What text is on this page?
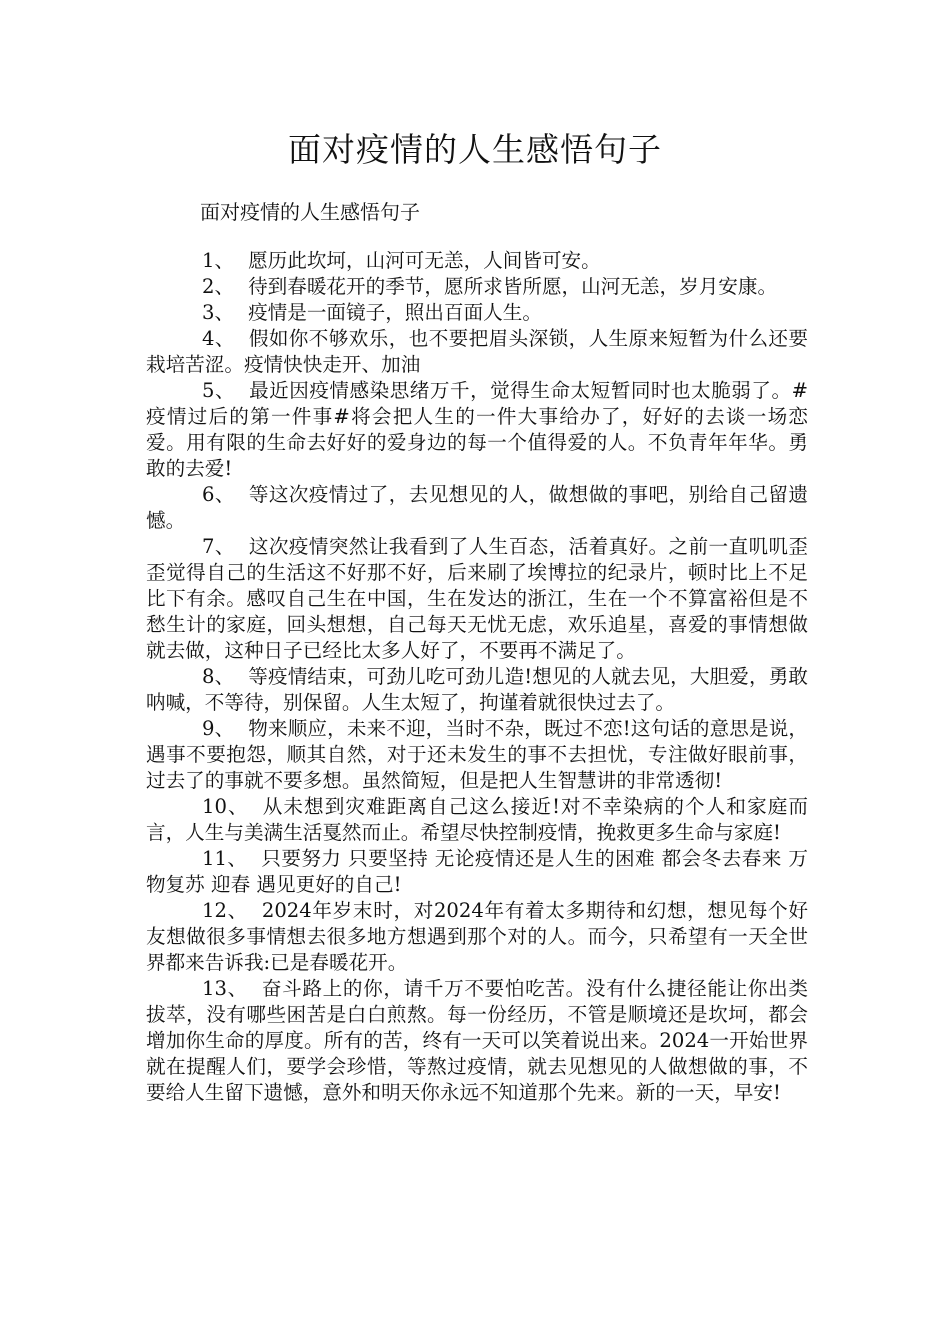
面对疫情的人生感悟句子

面对疫情的人生感悟句子

1、 愿历此坎坷，山河可无恙，人间皆可安。

2、 待到春暖花开的季节，愿所求皆所愿，山河无恙，岁月安康。

3、 疫情是一面镜子，照出百面人生。

4、 假如你不够欢乐，也不要把眉头深锁，人生原来短暂为什么还要栽培苦涩。疫情快快走开、加油

5、 最近因疫情感染思绪万千，觉得生命太短暂同时也太脆弱了。#疫情过后的第一件事#将会把人生的一件大事给办了，好好的去谈一场恋爱。用有限的生命去好好的爱身边的每一个值得爱的人。不负青年年华。勇敢的去爱!

6、 等这次疫情过了，去见想见的人，做想做的事吧，别给自己留遗憾。

7、 这次疫情突然让我看到了人生百态，活着真好。之前一直叽叽歪歪觉得自己的生活这不好那不好，后来刷了埃博拉的纪录片，顿时比上不足比下有余。感叹自己生在中国，生在发达的浙江，生在一个不算富裕但是不愁生计的家庭，回头想想，自己每天无忧无虑，欢乐追星，喜爱的事情想做就去做，这种日子已经比太多人好了，不要再不满足了。

8、 等疫情结束，可劲儿吃可劲儿造!想见的人就去见，大胆爱，勇敢呐喊，不等待，别保留。人生太短了，拘谨着就很快过去了。

9、 物来顺应，未来不迎，当时不杂，既过不恋!这句话的意思是说，遇事不要抱怨，顺其自然，对于还未发生的事不去担忧，专注做好眼前事，过去了的事就不要多想。虽然简短，但是把人生智慧讲的非常透彻!

10、 从未想到灾难距离自己这么接近!对不幸染病的个人和家庭而言，人生与美满生活戛然而止。希望尽快控制疫情，挽救更多生命与家庭!

11、 只要努力 只要坚持 无论疫情还是人生的困难 都会冬去春来 万物复苏 迎春 遇见更好的自己!

12、 2024年岁末时，对2024年有着太多期待和幻想，想见每个好友想做很多事情想去很多地方想遇到那个对的人。而今，只希望有一天全世界都来告诉我:已是春暖花开。

13、 奋斗路上的你，请千万不要怕吃苦。没有什么捷径能让你出类拔萃，没有哪些困苦是白白煎熬。每一份经历，不管是顺境还是坎坷，都会增加你生命的厚度。所有的苦，终有一天可以笑着说出来。2024一开始世界就在提醒人们，要学会珍惜，等熬过疫情，就去见想见的人做想做的事，不要给人生留下遗憾，意外和明天你永远不知道那个先来。新的一天，早安!
